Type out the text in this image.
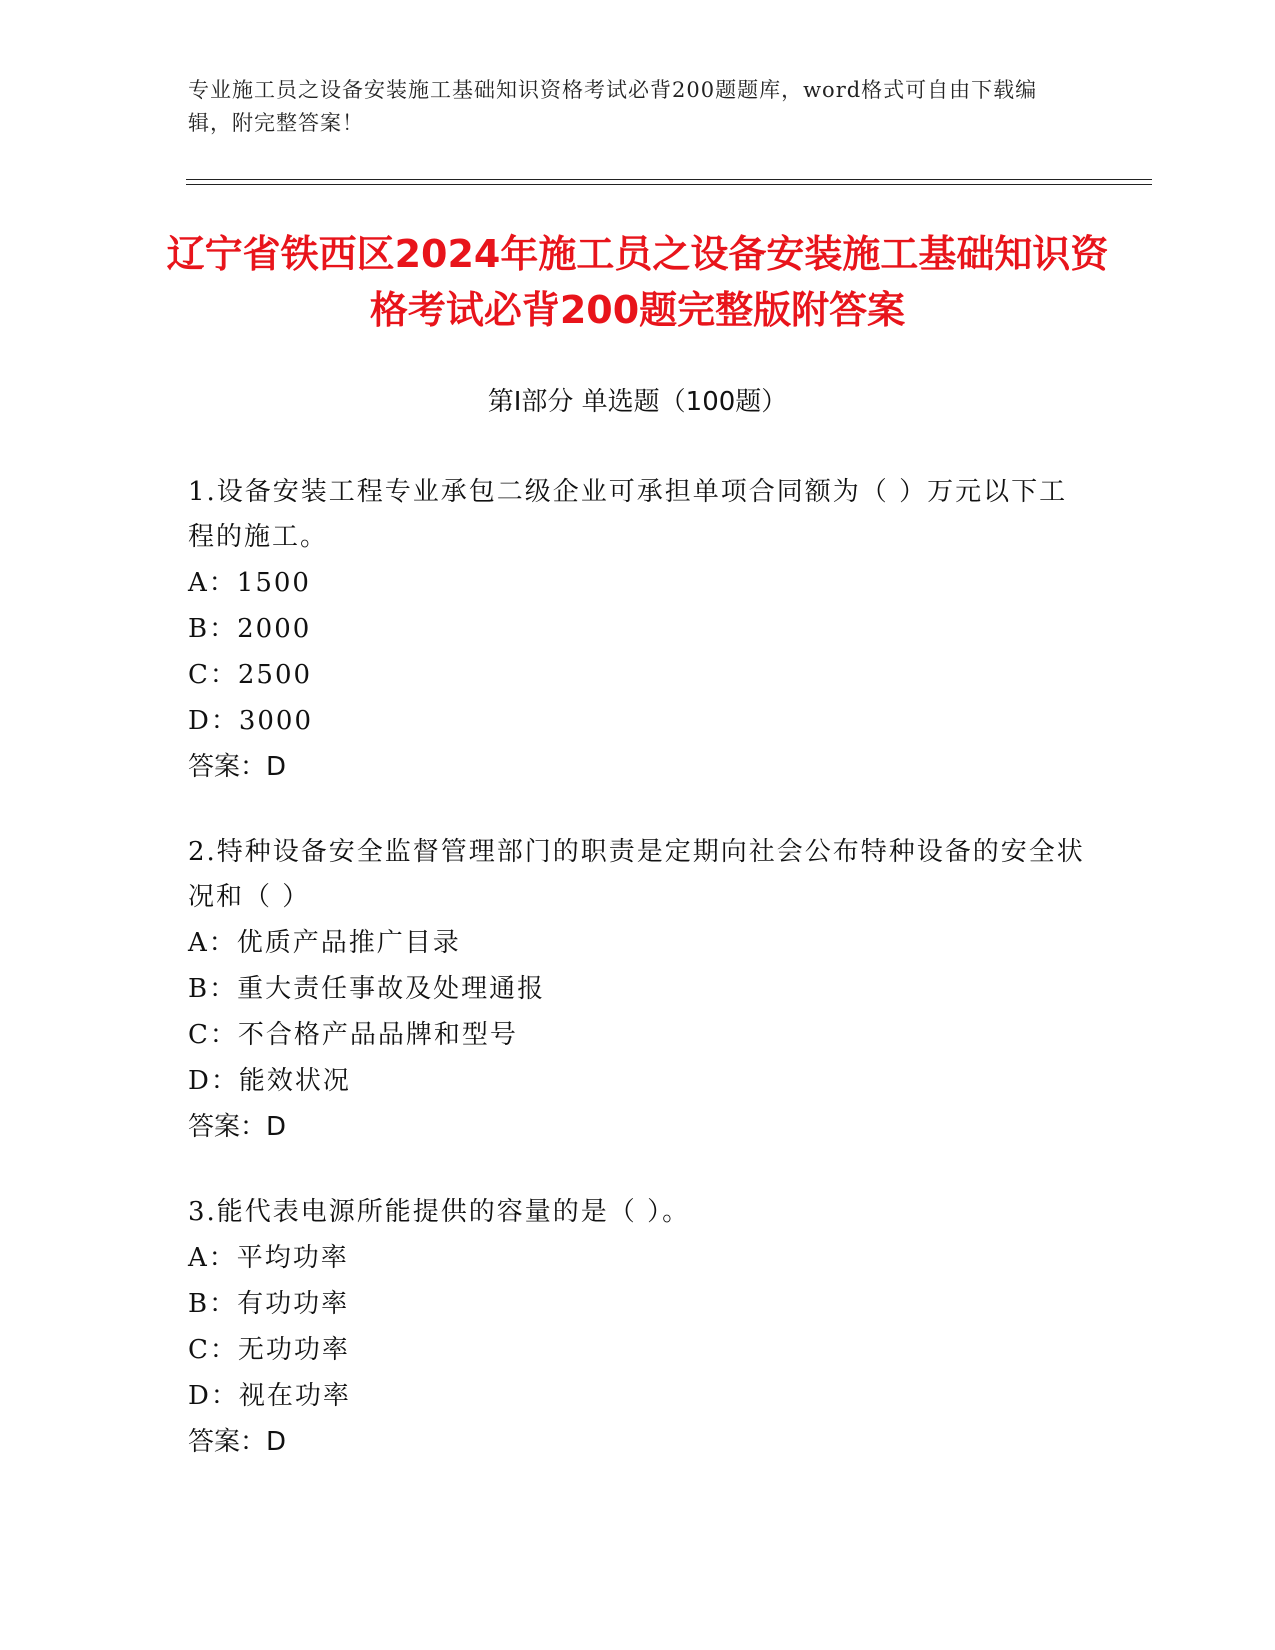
专业施工员之设备安装施工基础知识资格考试必背200题题库，word格式可自由下载编辑，附完整答案！
辽宁省铁西区2024年施工员之设备安装施工基础知识资格考试必背200题完整版附答案
第Ⅰ部分 单选题（100题）

1.设备安装工程专业承包二级企业可承担单项合同额为（ ）万元以下工程的施工。

A：1500

B：2000

C：2500

D：3000

答案：D

2.特种设备安全监督管理部门的职责是定期向社会公布特种设备的安全状况和（ ）

A：优质产品推广目录

B：重大责任事故及处理通报

C：不合格产品品牌和型号

D：能效状况

答案：D

3.能代表电源所能提供的容量的是（ ）。

A：平均功率

B：有功功率

C：无功功率

D：视在功率

答案：D
